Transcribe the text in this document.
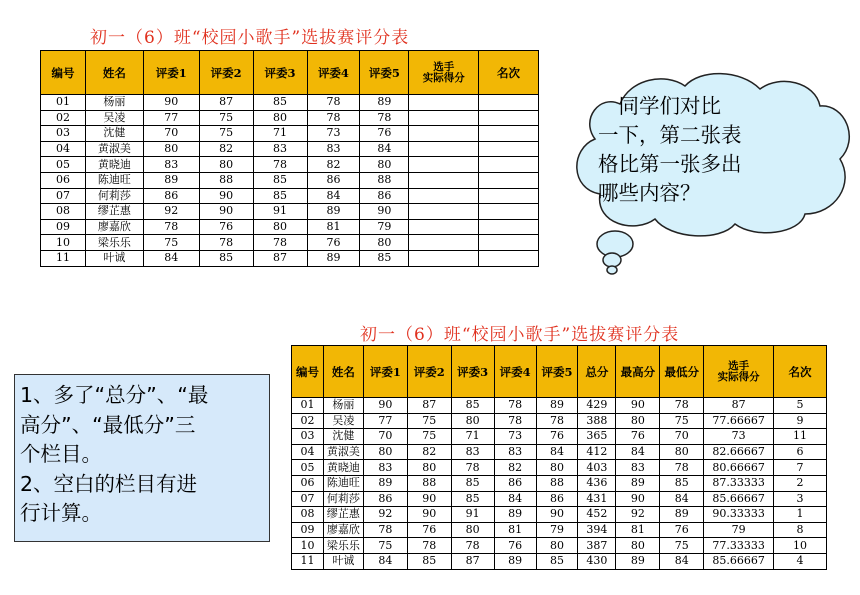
初一（6）班“校园小歌手”选拔赛评分表
编号	姓名	评委1	评委2	评委3	评委4	评委5	选手
实际得分	名次
01	杨丽	90	87	85	78	89		
02	吴凌	77	75	80	78	78		
03	沈健	70	75	71	73	76		
04	黄淑美	80	82	83	83	84		
05	黄晓迪	83	80	78	82	80		
06	陈迪旺	89	88	85	86	88		
07	何莉莎	86	90	85	84	86		
08	缪芷惠	92	90	91	89	90		
09	廖嘉欣	78	76	80	81	79		
10	梁乐乐	75	78	78	76	80		
11	叶诚	84	85	87	89	85		
初一（6）班“校园小歌手”选拔赛评分表
编号	姓名	评委1	评委2	评委3	评委4	评委5	总分	最高分	最低分	选手
实际得分	名次
01	杨丽	90	87	85	78	89	429	90	78	87	5
02	吴凌	77	75	80	78	78	388	80	75	77.66667	9
03	沈健	70	75	71	73	76	365	76	70	73	11
04	黄淑美	80	82	83	83	84	412	84	80	82.66667	6
05	黄晓迪	83	80	78	82	80	403	83	78	80.66667	7
06	陈迪旺	89	88	85	86	88	436	89	85	87.33333	2
07	何莉莎	86	90	85	84	86	431	90	84	85.66667	3
08	缪芷惠	92	90	91	89	90	452	92	89	90.33333	1
09	廖嘉欣	78	76	80	81	79	394	81	76	79	8
10	梁乐乐	75	78	78	76	80	387	80	75	77.33333	10
11	叶诚	84	85	87	89	85	430	89	84	85.66667	4
　同学们对比
一下，第二张表
格比第一张多出
哪些内容？
1、多了“总分”、“最
高分”、“最低分”三
个栏目。
2、空白的栏目有进
行计算。
